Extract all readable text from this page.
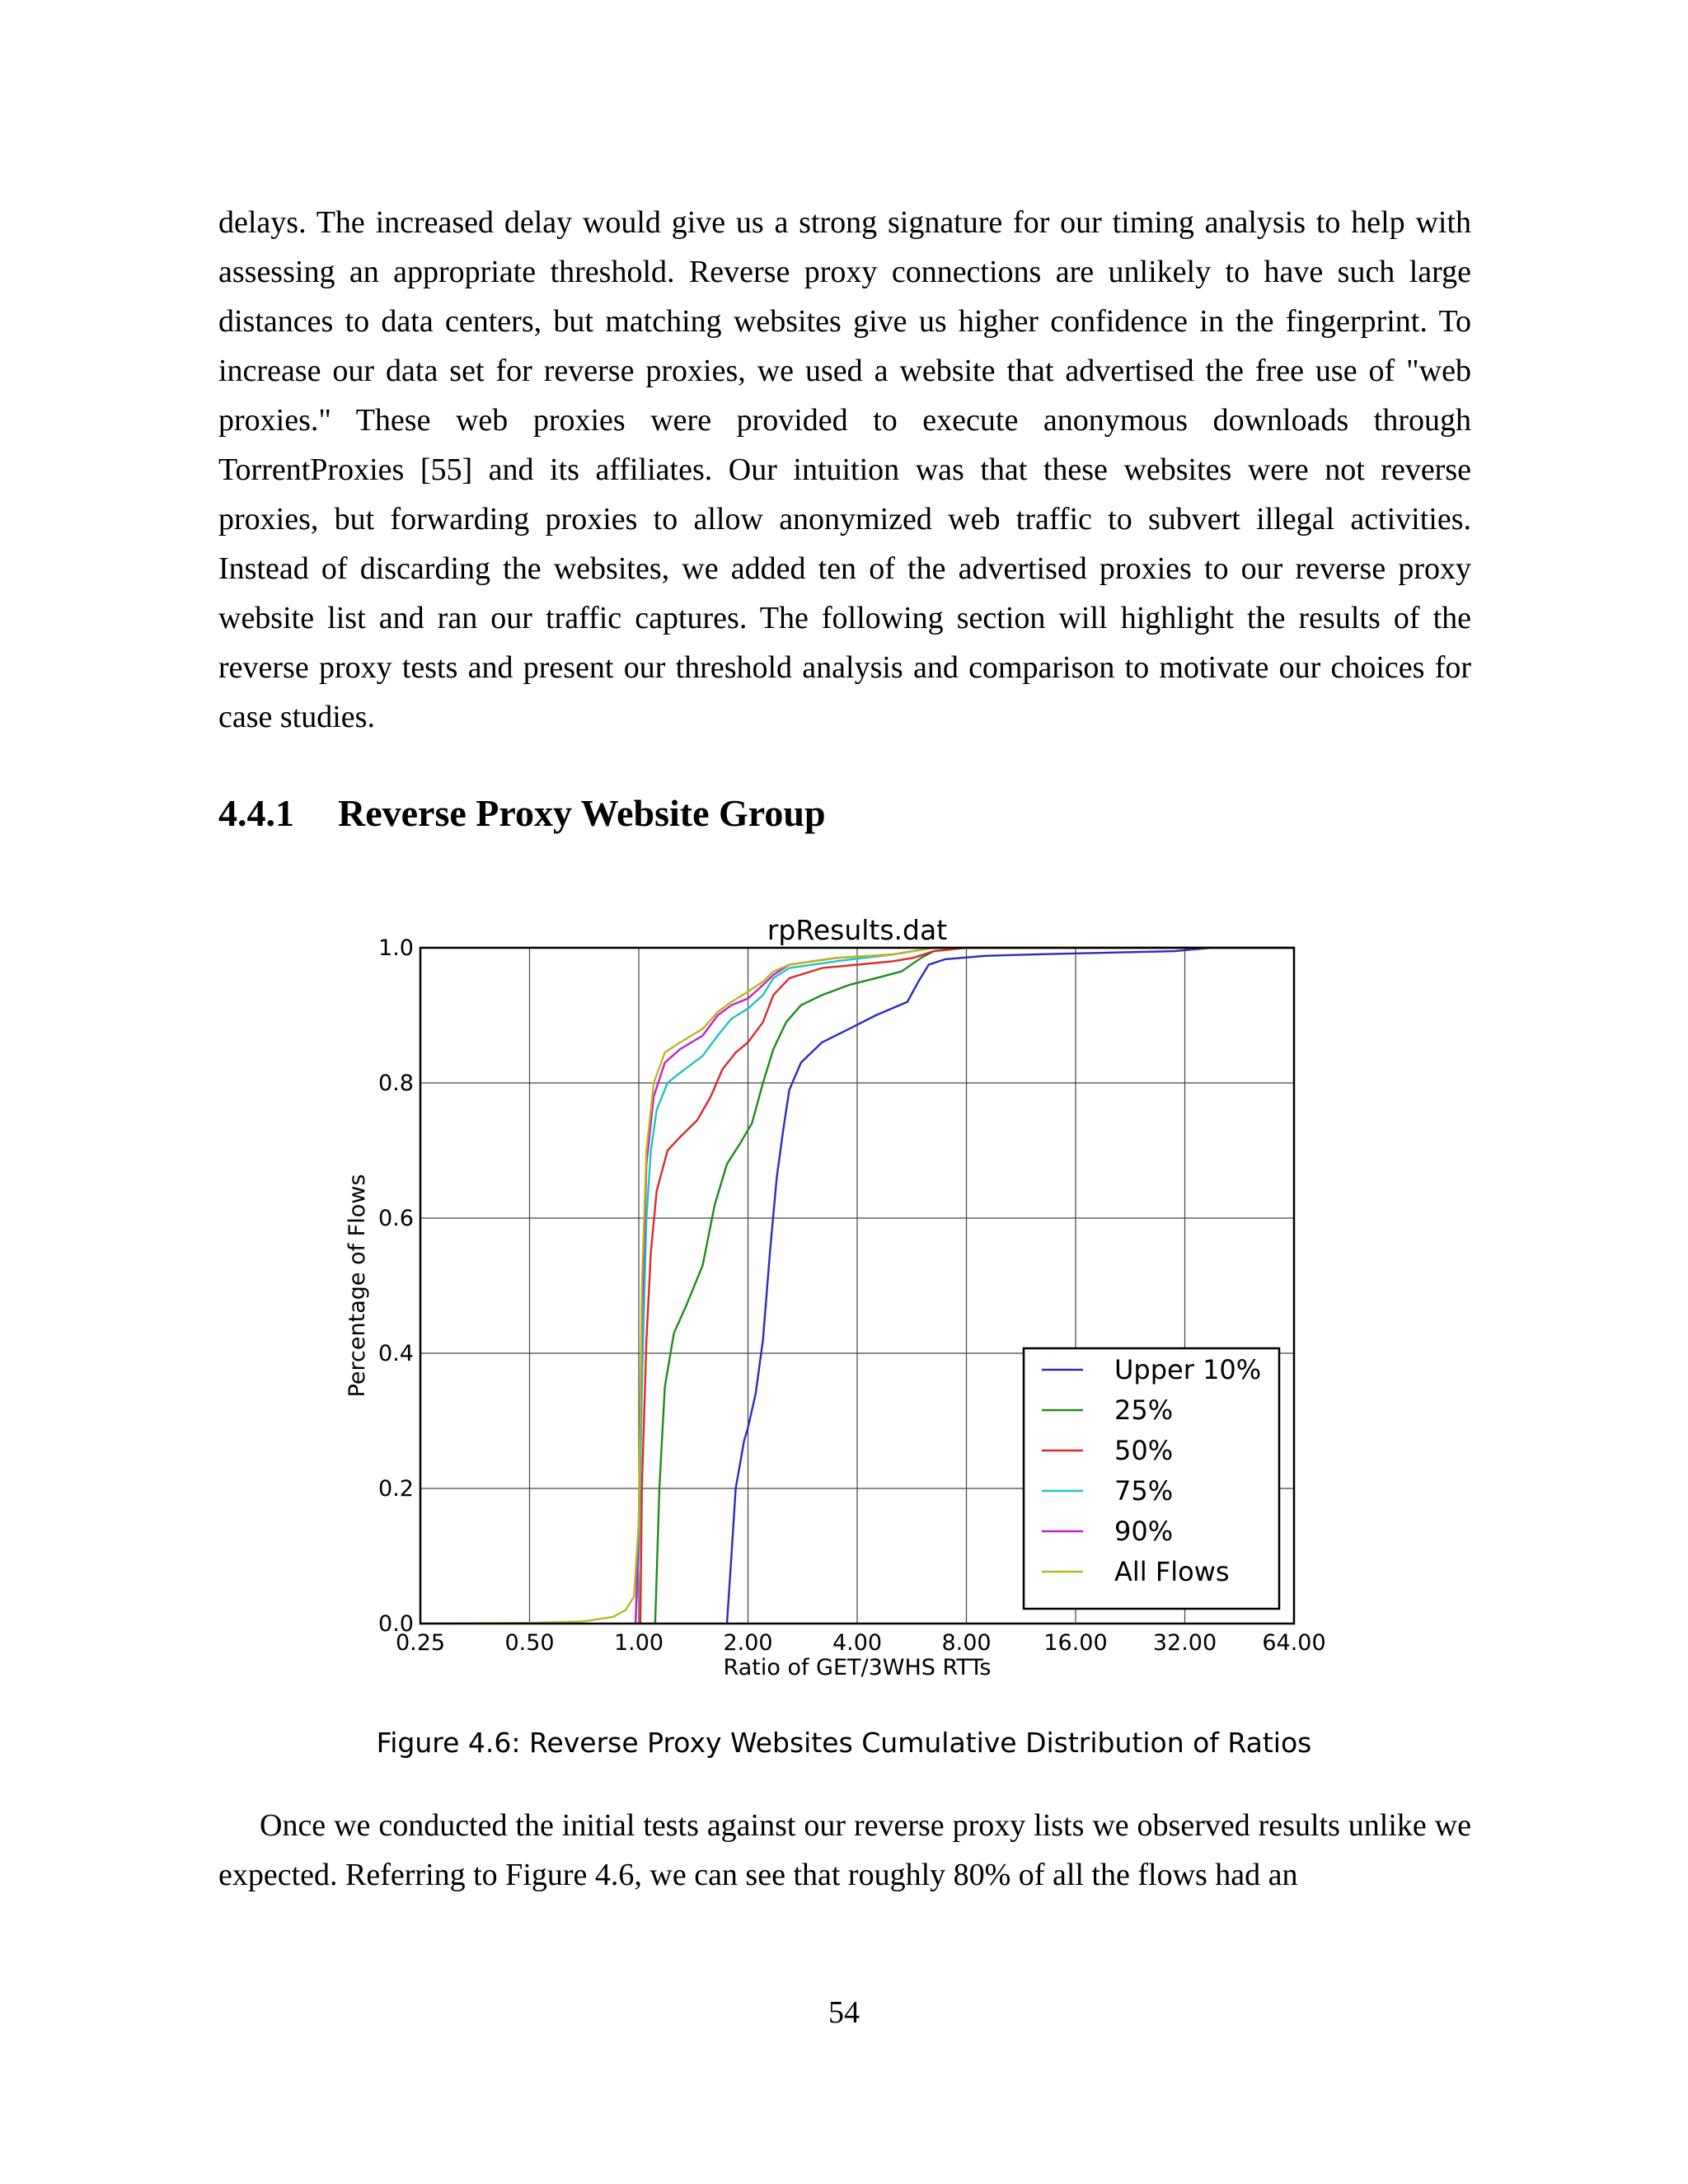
delays. The increased delay would give us a strong signature for our timing analysis to help with assessing an appropriate threshold. Reverse proxy connections are unlikely to have such large distances to data centers, but matching websites give us higher confidence in the fingerprint. To increase our data set for reverse proxies, we used a website that advertised the free use of "web proxies." These web proxies were provided to execute anonymous downloads through TorrentProxies [55] and its affiliates. Our intuition was that these websites were not reverse proxies, but forwarding proxies to allow anonymized web traffic to subvert illegal activities. Instead of discarding the websites, we added ten of the advertised proxies to our reverse proxy website list and ran our traffic captures. The following section will highlight the results of the reverse proxy tests and present our threshold analysis and comparison to motivate our choices for case studies.

4.4.1 Reverse Proxy Website Group
0.25	0.50	1.00	2.00	4.00	8.00 16.00 32.00 64.00
0.0
0.2
0.4
0.6
0.8
1.0
rpResults.dat
Ratio of GET/3WHS RTTs
Percentage of Flows	Upper 10%
25%
50%
75%
90%
All Flows

Figure 4.6: Reverse Proxy Websites Cumulative Distribution of Ratios

Once we conducted the initial tests against our reverse proxy lists we observed results unlike we expected. Referring to Figure 4.6, we can see that roughly 80% of all the flows had an

54
